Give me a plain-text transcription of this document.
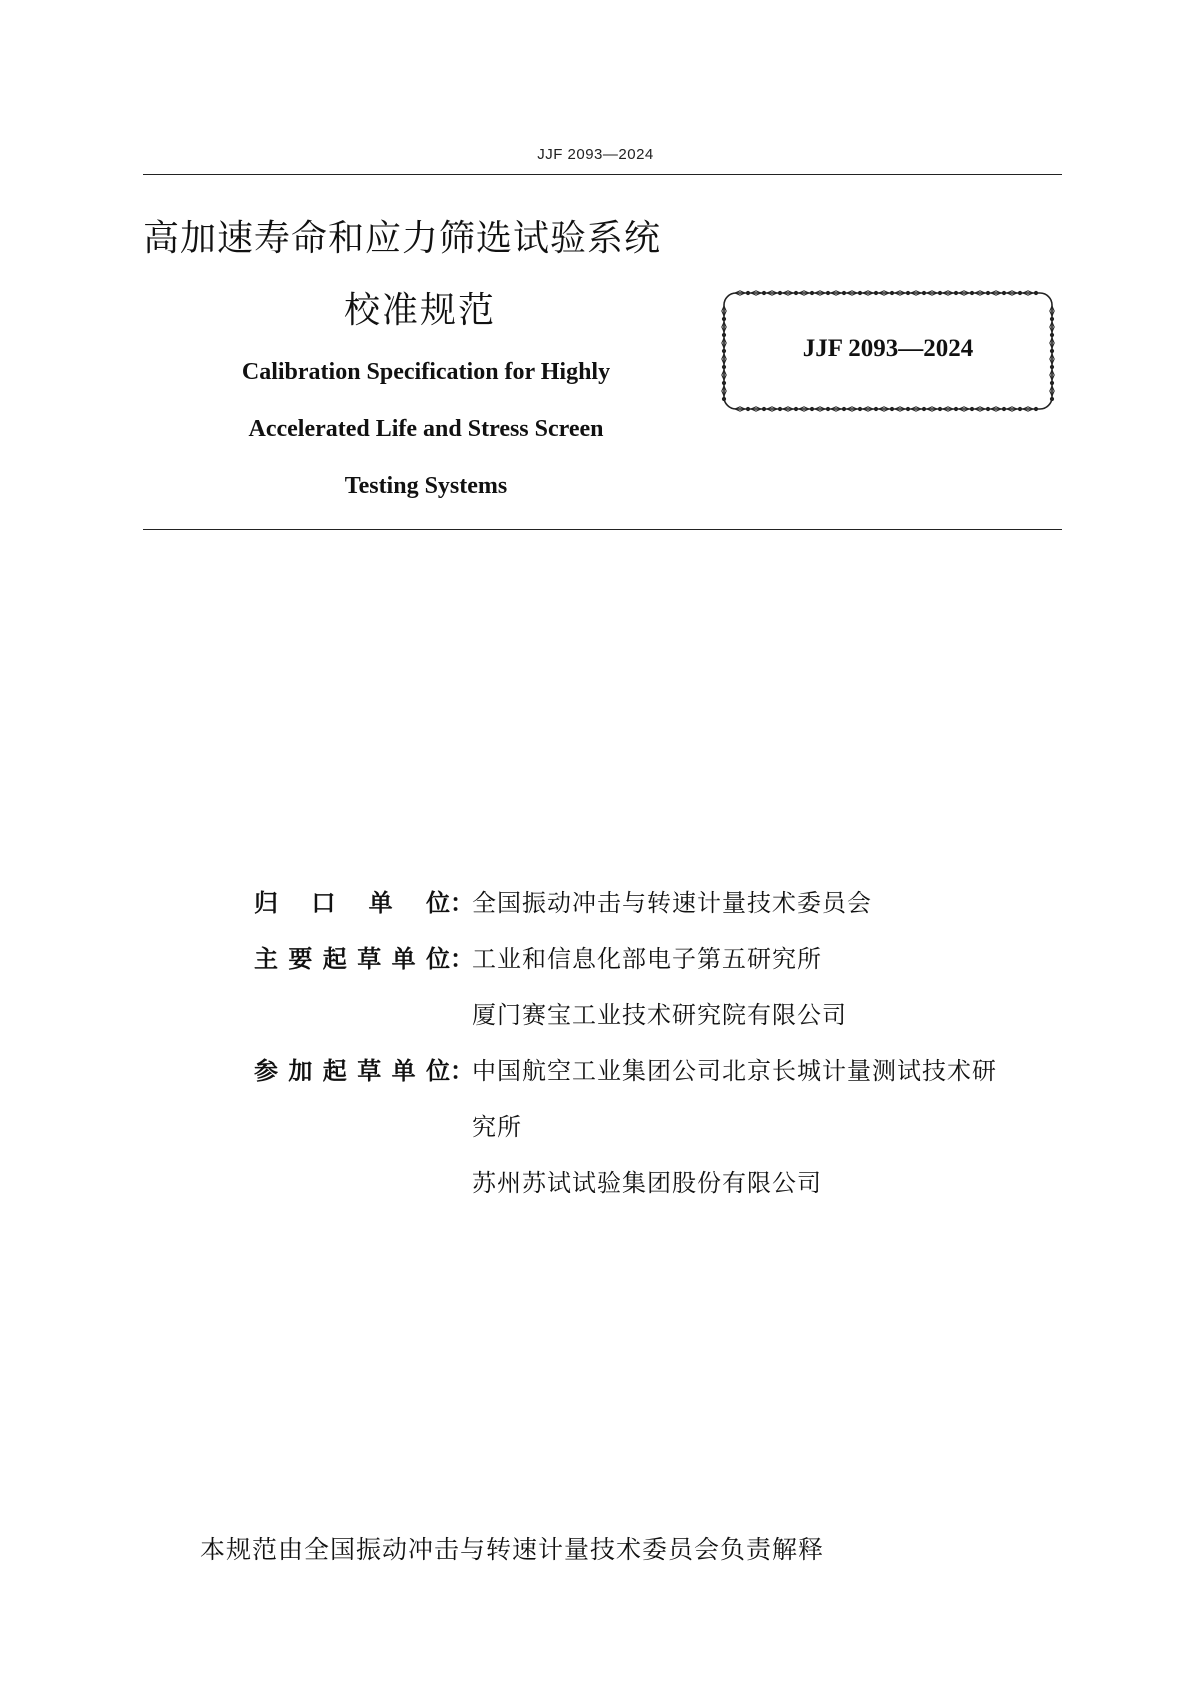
JJF 2093—2024
高加速寿命和应力筛选试验系统
校准规范
Calibration Specification for Highly
Accelerated Life and Stress Screen
Testing Systems
JJF 2093—2024
归口单位 ：
全国振动冲击与转速计量技术委员会
主要起草单位 ：
工业和信息化部电子第五研究所
厦门赛宝工业技术研究院有限公司
参加起草单位 ：
中国航空工业集团公司北京长城计量测试技术研
究所
苏州苏试试验集团股份有限公司
本规范由全国振动冲击与转速计量技术委员会负责解释
